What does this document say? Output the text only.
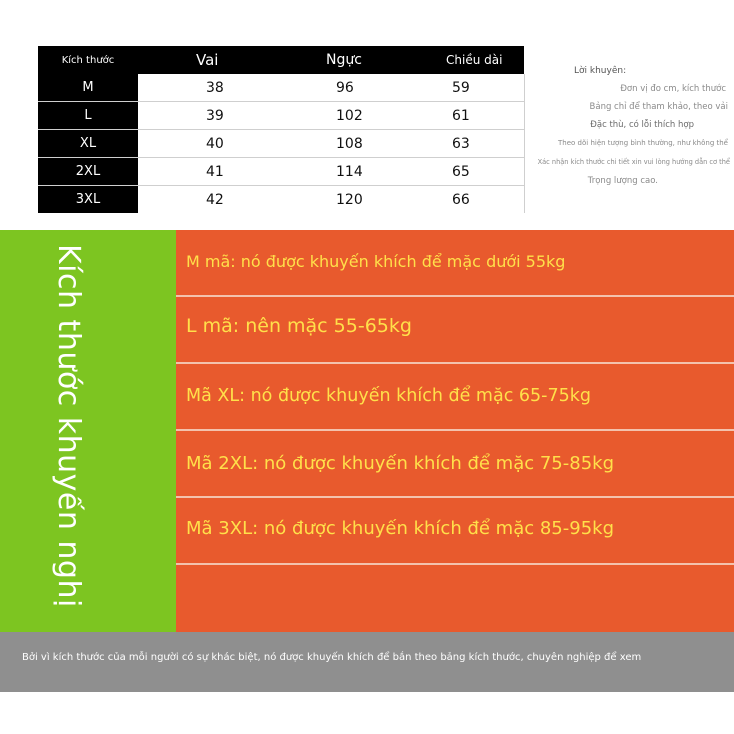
Kích thước	Vai	Ngực	Chiều dài
M	38	96	59
L	39	102	61
XL	40	108	63
2XL	41	114	65
3XL	42	120	66
Lời khuyên:
Đơn vị đo cm, kích thước
Bảng chỉ để tham khảo, theo vải
Đặc thù, có lỗi thích hợp
Theo dõi hiện tượng bình thường, như không thể
Xác nhận kích thước chi tiết xin vui lòng hướng dẫn cơ thể
Trọng lượng cao.
Kích thước khuyến nghị	M mã: nó được khuyến khích để mặc dưới 55kg
L mã: nên mặc 55-65kg
Mã XL: nó được khuyến khích để mặc 65-75kg
Mã 2XL: nó được khuyến khích để mặc 75-85kg
Mã 3XL: nó được khuyến khích để mặc 85-95kg
Bởi vì kích thước của mỗi người có sự khác biệt, nó được khuyến khích để bắn theo bảng kích thước, chuyên nghiệp để xem
